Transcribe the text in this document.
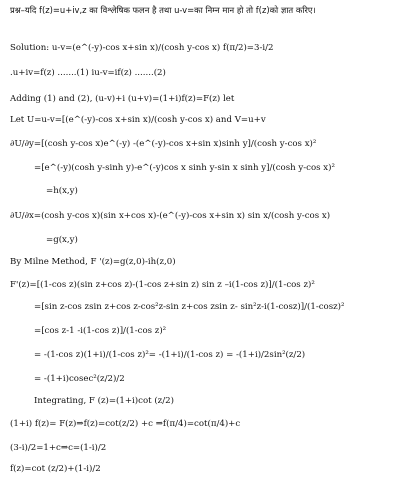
प्रश्न–यदि f(z)=u+iv,z का विश्लेषिक फलन है तथा u-v=का निम्न मान हो तो f(z)को ज्ञात करिए।
Solution: u-v=(e^(-y)-cos x+sin x)/(cosh y-cos x) f(π/2)=3-i/2
.u+iv=f(z) .......(1) iu-v=if(z) .......(2)
Adding (1) and (2), (u-v)+i (u+v)=(1+i)f(z)=F(z) let
Let U=u-v=[(e^(-y)-cos x+sin x)/(cosh y-cos x) and V=u+v
∂U/∂y=[(cosh y-cos x)e^(-y) -(e^(-y)-cos x+sin x)sinh y]/(cosh y-cos x)²
=[e^(-y)(cosh y-sinh y)-e^(-y)cos x sinh y-sin x sinh y]/(cosh y-cos x)²
=h(x,y)
∂U/∂x=(cosh y-cos x)(sin x+cos x)-(e^(-y)-cos x+sin x) sin x/(cosh y-cos x)
=g(x,y)
By Milne Method, F '(z)=g(z,0)-ih(z,0)
F'(z)=[(1-cos z)(sin z+cos z)-(1-cos z+sin z) sin z –i(1-cos z)]/(1-cos z)²
=[sin z-cos zsin z+cos z-cos²z-sin z+cos zsin z- sin²z-i(1-cosz)]/(1-cosz)²
=[cos z-1 -i(1-cos z)]/(1-cos z)²
= -(1-cos z)(1+i)/(1-cos z)²= -(1+i)/(1-cos z) = -(1+i)/2sin²(z/2)
= -(1+i)cosec²(z/2)/2
Integrating, F (z)=(1+i)cot (z/2)
(1+i) f(z)= F(z)⇒f(z)=cot(z/2) +c ⇒f(π/4)=cot(π/4)+c
(3-i)/2=1+c⇒c=(1-i)/2
f(z)=cot (z/2)+(1-i)/2
